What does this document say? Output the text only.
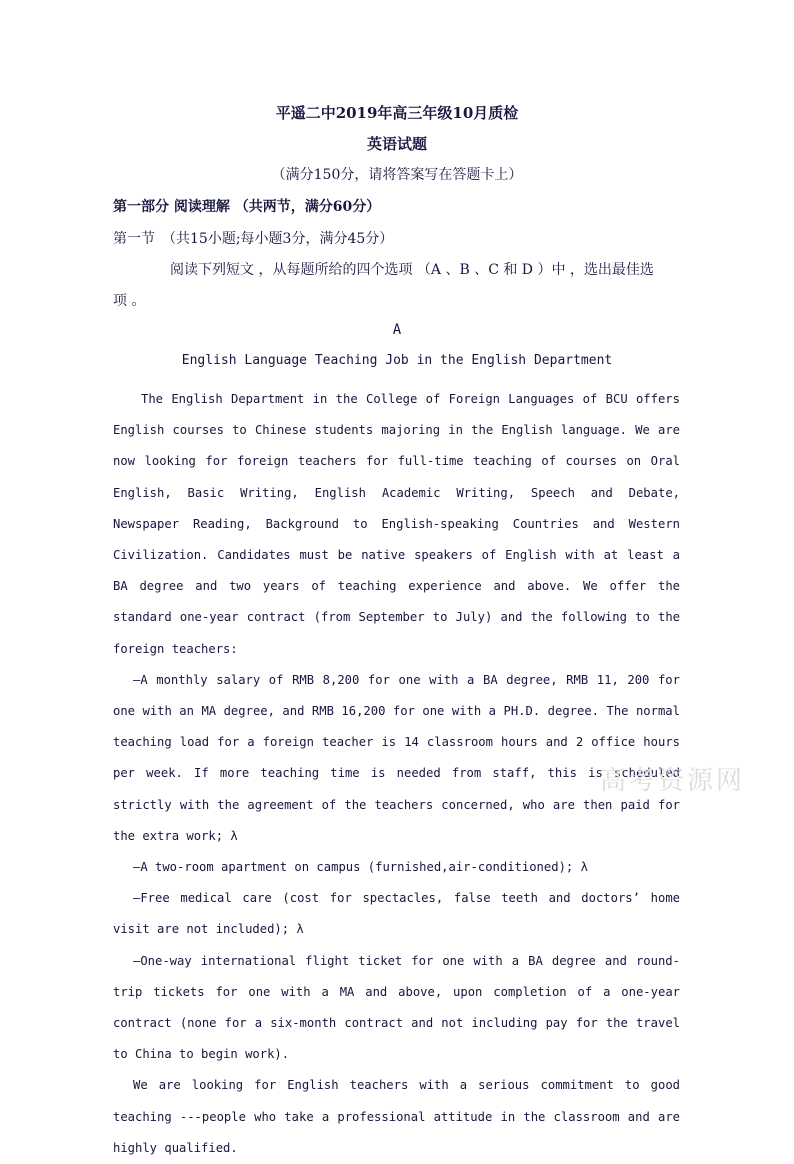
平遥二中2019年高三年级10月质检
英语试题
（满分150分，请将答案写在答题卡上）
第一部分 阅读理解 （共两节，满分60分）
第一节　（共15小题;每小题3分，满分45分）
阅读下列短文 ，从每题所给的四个选项 （A 、B 、C 和 D ）中 ，选出最佳选
项 。
A
English Language Teaching Job in the English Department

The English Department in the College of Foreign Languages of BCU offers English courses to Chinese students majoring in the English language. We are now looking for foreign teachers for full-time teaching of courses on Oral English, Basic Writing, English Academic Writing, Speech and Debate, Newspaper Reading, Background to English-speaking Countries and Western Civilization. Candidates must be native speakers of English with at least a BA degree and two years of teaching experience and above. We offer the standard one-year contract (from September to July) and the following to the foreign teachers:

—A monthly salary of RMB 8,200 for one with a BA degree, RMB 11, 200 for one with an MA degree, and RMB 16,200 for one with a PH.D. degree. The normal teaching load for a foreign teacher is 14 classroom hours and 2 office hours per week. If more teaching time is needed from staff, this is scheduled strictly with the agreement of the teachers concerned, who are then paid for the extra work; λ

—A two-room apartment on campus (furnished,air-conditioned); λ

—Free medical care (cost for spectacles, false teeth and doctors’ home visit are not included); λ

—One-way international flight ticket for one with a BA degree and round-trip tickets for one with a MA and above, upon completion of a one-year contract (none for a six-month contract and not including pay for the travel to China to begin work).

We are looking for English teachers with a serious commitment to good teaching ---people who take a professional attitude in the classroom and are highly qualified.

高考资源网
